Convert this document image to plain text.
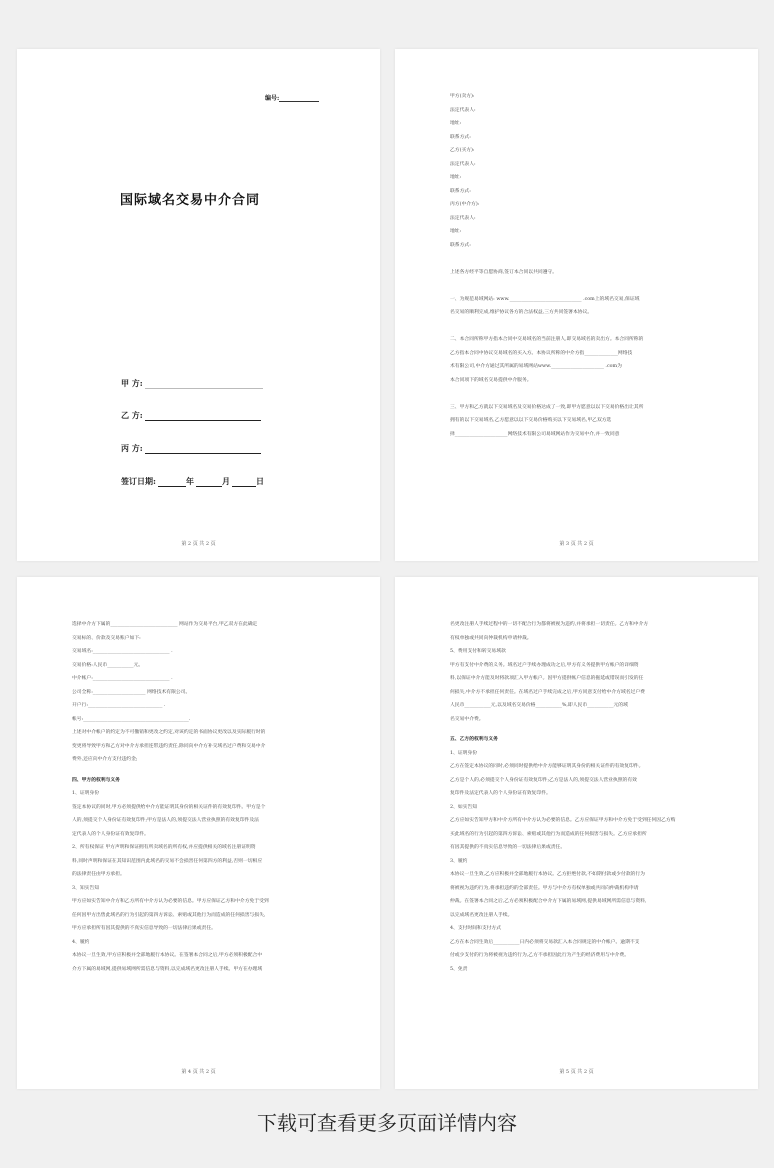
编号:
国际域名交易中介合同
甲 方:
乙 方:
丙 方:
签订日期:	年	月	日
第 2 页 共 2 页
甲方(卖方):
法定代表人:
地址:
联系方式:
乙方(买方):
法定代表人:
地址:
联系方式:
丙方(中介方):
法定代表人:
地址:
联系方式:
上述各方经平等自愿协商,签订本合同以共同遵守。
一、为规范易域网站: www.______________________________ .com上的域名交易,保证域
名交易的顺利完成,维护协议各方的合法权益,三方共同签署本协议。
二、本合同所称甲方指本合同中交易域名的当前注册人,即交易域名的卖出方。本合同所称的
乙方指本合同中协议交易域名的买入方。本协议所称的中介方指______________网络技
术有限公司,中介方通过其所属的易域网站www.______________________ .com为
本合同项下的域名交易提供中介服务。
三、甲方和乙方就以下交易域名及交易价格达成了一致,即甲方愿意以以下交易价格出让其所
拥有的以下交易域名,乙方愿意以以下交易价格购买以下交易域名,甲乙双方选
择______________________网络技术有限公司易域网站作为交易中介,并一致同意
第 3 页 共 2 页
选择中介方下属的____________________________ 网站作为交易平台,甲乙双方在此确定
交易标的、价款及交易账户如下:
交易域名:________________________________ .
交易价格:人民币___________元。
中介帐户:________________________________ .
公司全称:______________________ 网络技术有限公司。
开户行:_______________________________ .
帐号:____________________________________________.
上述对中介帐户的约定为不可撤销和更改之约定,对该约定的书面协议更改以及实际履行时的
变更将导致甲方和乙方对中介方承担连带违约责任,除同向中介方补交域名过户费和交易中介
费外,还应向中介方支付违约金;
四、甲方的权利与义务
1、证明身份
签定本协议的同时,甲方必须提供给中介方能证明其身份的相关证件的有效复印件。甲方是个
人的,须提交个人身份证有效复印件;甲方是法人的,须提交法人营业执照的有效复印件及法
定代表人的个人身份证有效复印件。
2、所有权保证 甲方声明和保证拥有所卖域名的所有权,并应提供相关的域名注册证明资
料,同时声明和保证在其知识范围内此域名的交易不会损害任何第四方的利益,否则一切相应
的法律责任由甲方承担。
3、知实告知
甲方应如实告知中介方和乙方所有中介方认为必要的信息。甲方应保证乙方和中介方免于受到
任何因甲方出售此域名的行为引起的第四方诉讼、索赔或其他行为而造成的任何损害与损失,
甲方应承担所有因其提供的不真实信息导致的一切法律后果或责任。
4、履约
本协议一旦生效,甲方应积极并全部地履行本协议。在签署本合同之后,甲方必须积极配合中
介方下属的易域网,提供易域网所需信息与资料,以完成域名更改注册人手续。甲方在办理域
第 4 页 共 2 页
名更改注册人手续过程中的一切不配合行为都将被视为违约,并将承担一切责任。乙方和中介方
有权单独或共同向仲裁机构申请仲裁。
5、费用支付和转交易域款
甲方有支付中介费的义务。域名过户手续办理成功之后,甲方有义务提供甲方帐户的详细资
料,以保证中介方能及时将款项汇入甲方帐户。因甲方提供帐户信息的拖延或错误而引发的任
何损失,中介方不承担任何责任。在域名过户手续完成之后,甲方同意支付给中介方域名过户费
人民币___________元,以及域名交易价格___________%,即人民币___________元的域
名交易中介费。
五、乙方的权利与义务
1、证明身份
乙方在签定本协议的同时,必须同时提供给中介方能够证明其身份的相关证件的有效复印件。
乙方是个人的,必须提交个人身份证有效复印件;乙方是法人的,须提交法人营业执照的有效
复印件及法定代表人的个人身份证有效复印件。
2、如实告知
乙方应如实告知甲方和中介方所有中介方认为必要的信息。乙方应保证甲方和中介方免于受到任何因乙方购
买此域名的行为引起的第四方诉讼、索赔或其他行为而造成的任何损害与损失。乙方应承担所
有因其提供的不真实信息导致的一切法律后果或责任。
3、履约
本协议一旦生效,乙方应积极并全部地履行本协议。乙方拒绝付款,不如期付款或少付款的行为
将被视为违约行为,将承担违约的全部责任。甲方与中介方有权单独或共同向仲裁机构申请
仲裁。在签署本合同之后,乙方必须积极配合中介方下属的易域网,提供易域网所需信息与资料,
以完成域名更改注册人手续。
4、支付时间和支付方式
乙方在本合同生效后___________日内必须将交易款汇入本合同规定的中介帐户。逾期不支
付或少支付的行为将被视为违约行为,乙方不承担因此行为产生的经济费用与中介费。
5、免责
第 5 页 共 2 页
下载可查看更多页面详情内容
